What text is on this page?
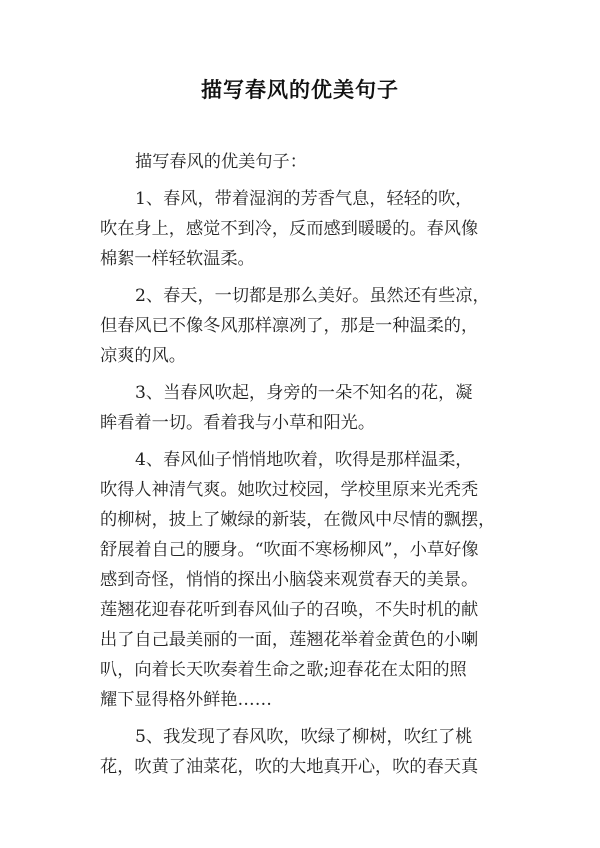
描写春风的优美句子
描写春风的优美句子：
1、春风，带着湿润的芳香气息，轻轻的吹，
吹在身上，感觉不到冷，反而感到暖暖的。春风像
棉絮一样轻软温柔。
2、春天，一切都是那么美好。虽然还有些凉，
但春风已不像冬风那样凛冽了，那是一种温柔的，
凉爽的风。
3、当春风吹起，身旁的一朵不知名的花，凝
眸看着一切。看着我与小草和阳光。
4、春风仙子悄悄地吹着，吹得是那样温柔，
吹得人神清气爽。她吹过校园，学校里原来光秃秃
的柳树，披上了嫩绿的新装，在微风中尽情的飘摆，
舒展着自己的腰身。“吹面不寒杨柳风”，小草好像
感到奇怪，悄悄的探出小脑袋来观赏春天的美景。
莲翘花迎春花听到春风仙子的召唤，不失时机的献
出了自己最美丽的一面，莲翘花举着金黄色的小喇
叭，向着长天吹奏着生命之歌;迎春花在太阳的照
耀下显得格外鲜艳……
5、我发现了春风吹，吹绿了柳树，吹红了桃
花，吹黄了油菜花，吹的大地真开心，吹的春天真
